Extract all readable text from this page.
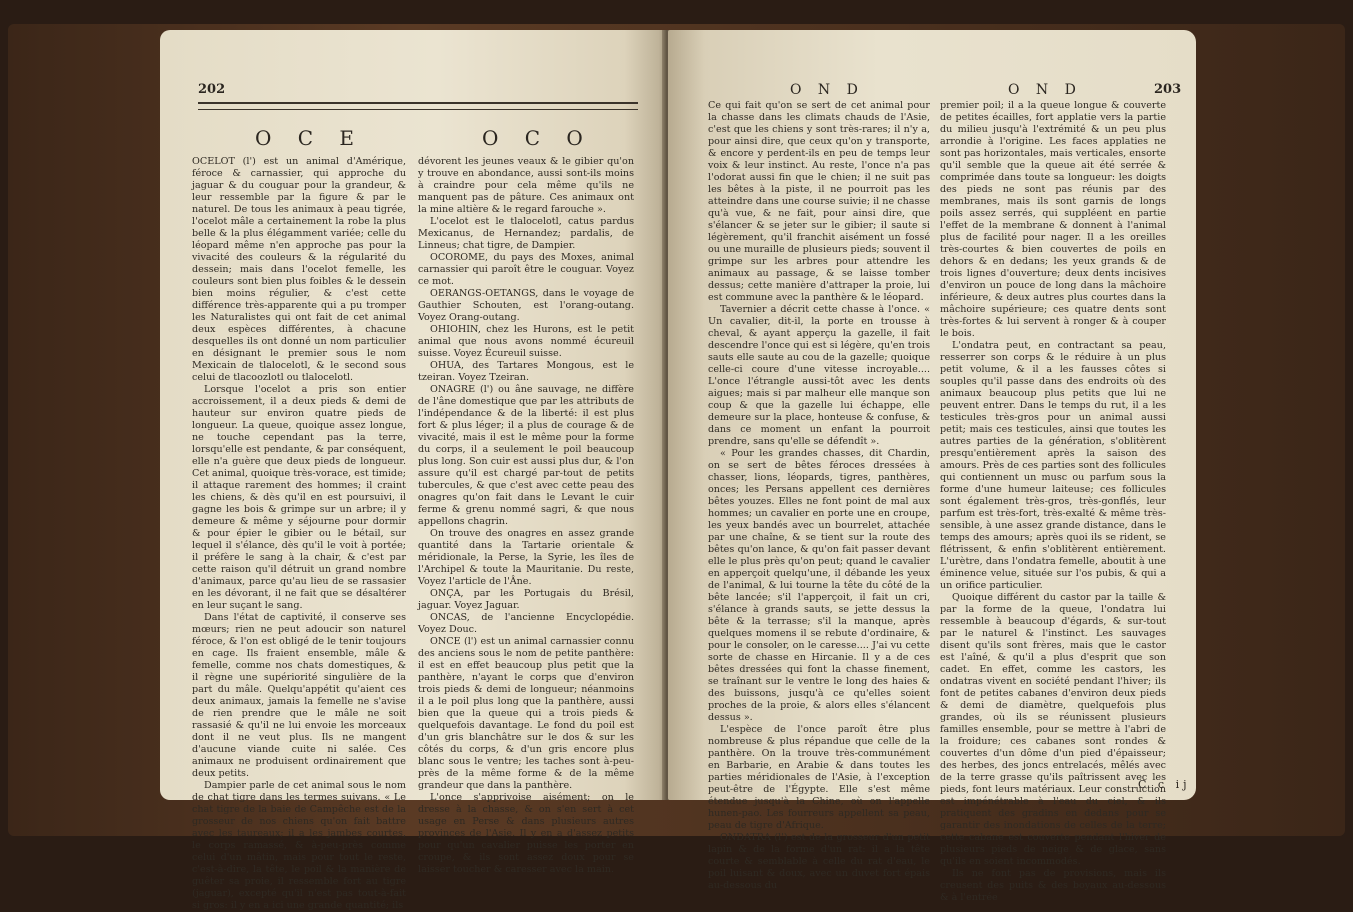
202
O C E	O C O

OCELOT (l') est un animal d'Amérique, féroce & carnassier, qui approche du jaguar & du couguar pour la grandeur, & leur ressemble par la figure & par le naturel. De tous les animaux à peau tigrée, l'ocelot mâle a certainement la robe la plus belle & la plus élégamment variée; celle du léopard même n'en approche pas pour la vivacité des couleurs & la régularité du dessein; mais dans l'ocelot femelle, les couleurs sont bien plus foibles & le dessein bien moins régulier, & c'est cette différence très-apparente qui a pu tromper les Naturalistes qui ont fait de cet animal deux espèces différentes, à chacune desquelles ils ont donné un nom particulier en désignant le premier sous le nom Mexicain de tlalocelotl, & le second sous celui de tlacoozlotl ou tlalocelotl.

Lorsque l'ocelot a pris son entier accroissement, il a deux pieds & demi de hauteur sur environ quatre pieds de longueur. La queue, quoique assez longue, ne touche cependant pas la terre, lorsqu'elle est pendante, & par conséquent, elle n'a guère que deux pieds de longueur. Cet animal, quoique très-vorace, est timide; il attaque rarement des hommes; il craint les chiens, & dès qu'il en est poursuivi, il gagne les bois & grimpe sur un arbre; il y demeure & même y séjourne pour dormir & pour épier le gibier ou le bétail, sur lequel il s'élance, dès qu'il le voit à portée; il préfère le sang à la chair, & c'est par cette raison qu'il détruit un grand nombre d'animaux, parce qu'au lieu de se rassasier en les dévorant, il ne fait que se désaltérer en leur suçant le sang.

Dans l'état de captivité, il conserve ses mœurs; rien ne peut adoucir son naturel féroce, & l'on est obligé de le tenir toujours en cage. Ils fraient ensemble, mâle & femelle, comme nos chats domestiques, & il règne une supériorité singulière de la part du mâle. Quelqu'appétit qu'aient ces deux animaux, jamais la femelle ne s'avise de rien prendre que le mâle ne soit rassasié & qu'il ne lui envoie les morceaux dont il ne veut plus. Ils ne mangent d'aucune viande cuite ni salée. Ces animaux ne produisent ordinairement que deux petits.

Dampier parle de cet animal sous le nom de chat tigre dans les termes suivans. « Le chat tigre de la baie de Campêche est de la grosseur de nos chiens qu'on fait battre avec les taureaux; il a les jambes courtes, le corps ramassé, & à-peu-près comme celui d'un mâtin, mais pour tout le reste, c'est-à-dire, la tête, le poil & la manière de guêter sa proie, il ressemble fort au tigre (jaguar), excepté qu'il n'est pas tout-à-fait si gros: il y en a ici une grande quantité; ils

dévorent les jeunes veaux & le gibier qu'on y trouve en abondance, aussi sont-ils moins à craindre pour cela même qu'ils ne manquent pas de pâture. Ces animaux ont la mine altière & le regard farouche ».

L'ocelot est le tlalocelotl, catus pardus Mexicanus, de Hernandez; pardalis, de Linneus; chat tigre, de Dampier.

OCOROME, du pays des Moxes, animal carnassier qui paroît être le couguar. Voyez ce mot.

OERANGS-OETANGS, dans le voyage de Gauthier Schouten, est l'orang-outang. Voyez Orang-outang.

OHIOHIN, chez les Hurons, est le petit animal que nous avons nommé écureuil suisse. Voyez Écureuil suisse.

OHUA, des Tartares Mongous, est le tzeiran. Voyez Tzeiran.

ONAGRE (l') ou âne sauvage, ne diffère de l'âne domestique que par les attributs de l'indépendance & de la liberté: il est plus fort & plus léger; il a plus de courage & de vivacité, mais il est le même pour la forme du corps, il a seulement le poil beaucoup plus long. Son cuir est aussi plus dur, & l'on assure qu'il est chargé par-tout de petits tubercules, & que c'est avec cette peau des onagres qu'on fait dans le Levant le cuir ferme & grenu nommé sagri, & que nous appellons chagrin.

On trouve des onagres en assez grande quantité dans la Tartarie orientale & méridionale, la Perse, la Syrie, les îles de l'Archipel & toute la Mauritanie. Du reste, Voyez l'article de l'Âne.

ONÇA, par les Portugais du Brésil, jaguar. Voyez Jaguar.

ONCAS, de l'ancienne Encyclopédie. Voyez Douc.

ONCE (l') est un animal carnassier connu des anciens sous le nom de petite panthère: il est en effet beaucoup plus petit que la panthère, n'ayant le corps que d'environ trois pieds & demi de longueur; néanmoins il a le poil plus long que la panthère, aussi bien que la queue qui a trois pieds & quelquefois davantage. Le fond du poil est d'un gris blanchâtre sur le dos & sur les côtés du corps, & d'un gris encore plus blanc sous le ventre; les taches sont à-peu-près de la même forme & de la même grandeur que dans la panthère.

L'once s'apprivoise aisément; on le dresse à la chasse, & on s'en sert à cet usage en Perse & dans plusieurs autres provinces de l'Asie. Il y en a d'assez petits pour qu'un cavalier puisse les porter en croupe, & ils sont assez doux pour se laisser toucher & caresser avec la main.

O N D	O N D	203

Ce qui fait qu'on se sert de cet animal pour la chasse dans les climats chauds de l'Asie, c'est que les chiens y sont très-rares; il n'y a, pour ainsi dire, que ceux qu'on y transporte, & encore y perdent-ils en peu de temps leur voix & leur instinct. Au reste, l'once n'a pas l'odorat aussi fin que le chien; il ne suit pas les bêtes à la piste, il ne pourroit pas les atteindre dans une course suivie; il ne chasse qu'à vue, & ne fait, pour ainsi dire, que s'élancer & se jeter sur le gibier; il saute si légèrement, qu'il franchit aisément un fossé ou une muraille de plusieurs pieds; souvent il grimpe sur les arbres pour attendre les animaux au passage, & se laisse tomber dessus; cette manière d'attraper la proie, lui est commune avec la panthère & le léopard.

Tavernier a décrit cette chasse à l'once. « Un cavalier, dit-il, la porte en trousse à cheval, & ayant apperçu la gazelle, il fait descendre l'once qui est si légère, qu'en trois sauts elle saute au cou de la gazelle; quoique celle-ci coure d'une vitesse incroyable.... L'once l'étrangle aussi-tôt avec les dents aigues; mais si par malheur elle manque son coup & que la gazelle lui échappe, elle demeure sur la place, honteuse & confuse, & dans ce moment un enfant la pourroit prendre, sans qu'elle se défendît ».

« Pour les grandes chasses, dit Chardin, on se sert de bêtes féroces dressées à chasser, lions, léopards, tigres, panthères, onces; les Persans appellent ces dernières bêtes youzes. Elles ne font point de mal aux hommes; un cavalier en porte une en croupe, les yeux bandés avec un bourrelet, attachée par une chaîne, & se tient sur la route des bêtes qu'on lance, & qu'on fait passer devant elle le plus près qu'on peut; quand le cavalier en apperçoit quelqu'une, il débande les yeux de l'animal, & lui tourne la tête du côté de la bête lancée; s'il l'apperçoit, il fait un cri, s'élance à grands sauts, se jette dessus la bête & la terrasse; s'il la manque, après quelques momens il se rebute d'ordinaire, & pour le consoler, on le caresse.... J'ai vu cette sorte de chasse en Hircanie. Il y a de ces bêtes dressées qui font la chasse finement, se traînant sur le ventre le long des haies & des buissons, jusqu'à ce qu'elles soient proches de la proie, & alors elles s'élancent dessus ».

L'espèce de l'once paroît être plus nombreuse & plus répandue que celle de la panthère. On la trouve très-communément en Barbarie, en Arabie & dans toutes les parties méridionales de l'Asie, à l'exception peut-être de l'Égypte. Elle s'est même étendue jusqu'à la Chine, où on l'appelle hunen-pao. Les fourreurs appellent sa peau, peau de tigre d'Afrique.

ONDATRA (l') est de la grosseur d'un petit lapin & de la forme d'un rat: il a la tête courte & semblable à celle du rat d'eau, le poil luisant & doux, avec un duvet fort épais au-dessous du

premier poil; il a la queue longue & couverte de petites écailles, fort applatie vers la partie du milieu jusqu'à l'extrémité & un peu plus arrondie à l'origine. Les faces applaties ne sont pas horizontales, mais verticales, ensorte qu'il semble que la queue ait été serrée & comprimée dans toute sa longueur: les doigts des pieds ne sont pas réunis par des membranes, mais ils sont garnis de longs poils assez serrés, qui suppléent en partie l'effet de la membrane & donnent à l'animal plus de facilité pour nager. Il a les oreilles très-courtes & bien couvertes de poils en dehors & en dedans; les yeux grands & de trois lignes d'ouverture; deux dents incisives d'environ un pouce de long dans la mâchoire inférieure, & deux autres plus courtes dans la mâchoire supérieure; ces quatre dents sont très-fortes & lui servent à ronger & à couper le bois.

L'ondatra peut, en contractant sa peau, resserrer son corps & le réduire à un plus petit volume, & il a les fausses côtes si souples qu'il passe dans des endroits où des animaux beaucoup plus petits que lui ne peuvent entrer. Dans le temps du rut, il a les testicules très-gros pour un animal aussi petit; mais ces testicules, ainsi que toutes les autres parties de la génération, s'oblitèrent presqu'entièrement après la saison des amours. Près de ces parties sont des follicules qui contiennent un musc ou parfum sous la forme d'une humeur laiteuse; ces follicules sont également très-gros, très-gonflés, leur parfum est très-fort, très-exalté & même très-sensible, à une assez grande distance, dans le temps des amours; après quoi ils se rident, se flétrissent, & enfin s'oblitèrent entièrement. L'urètre, dans l'ondatra femelle, aboutit à une éminence velue, située sur l'os pubis, & qui a un orifice particulier.

Quoique différent du castor par la taille & par la forme de la queue, l'ondatra lui ressemble à beaucoup d'égards, & sur-tout par le naturel & l'instinct. Les sauvages disent qu'ils sont frères, mais que le castor est l'aîné, & qu'il a plus d'esprit que son cadet. En effet, comme les castors, les ondatras vivent en société pendant l'hiver; ils font de petites cabanes d'environ deux pieds & demi de diamètre, quelquefois plus grandes, où ils se réunissent plusieurs familles ensemble, pour se mettre à l'abri de la froidure; ces cabanes sont rondes & couvertes d'un dôme d'un pied d'épaisseur; des herbes, des joncs entrelacés, mêlés avec de la terre grasse qu'ils paîtrissent avec les pieds, font leurs matériaux. Leur construction est impénétrable à l'eau du ciel, & ils pratiquent des gradins en dedans pour se garantir des inondations de celles de la terre; cette cabane est couverte pendant l'hiver de plusieurs pieds de neige & de glace, sans qu'ils en soient incommodés.

Ils ne font pas de provisions, mais ils creusent des puits & des boyaux au-dessous & à l'entrée

C c ij
